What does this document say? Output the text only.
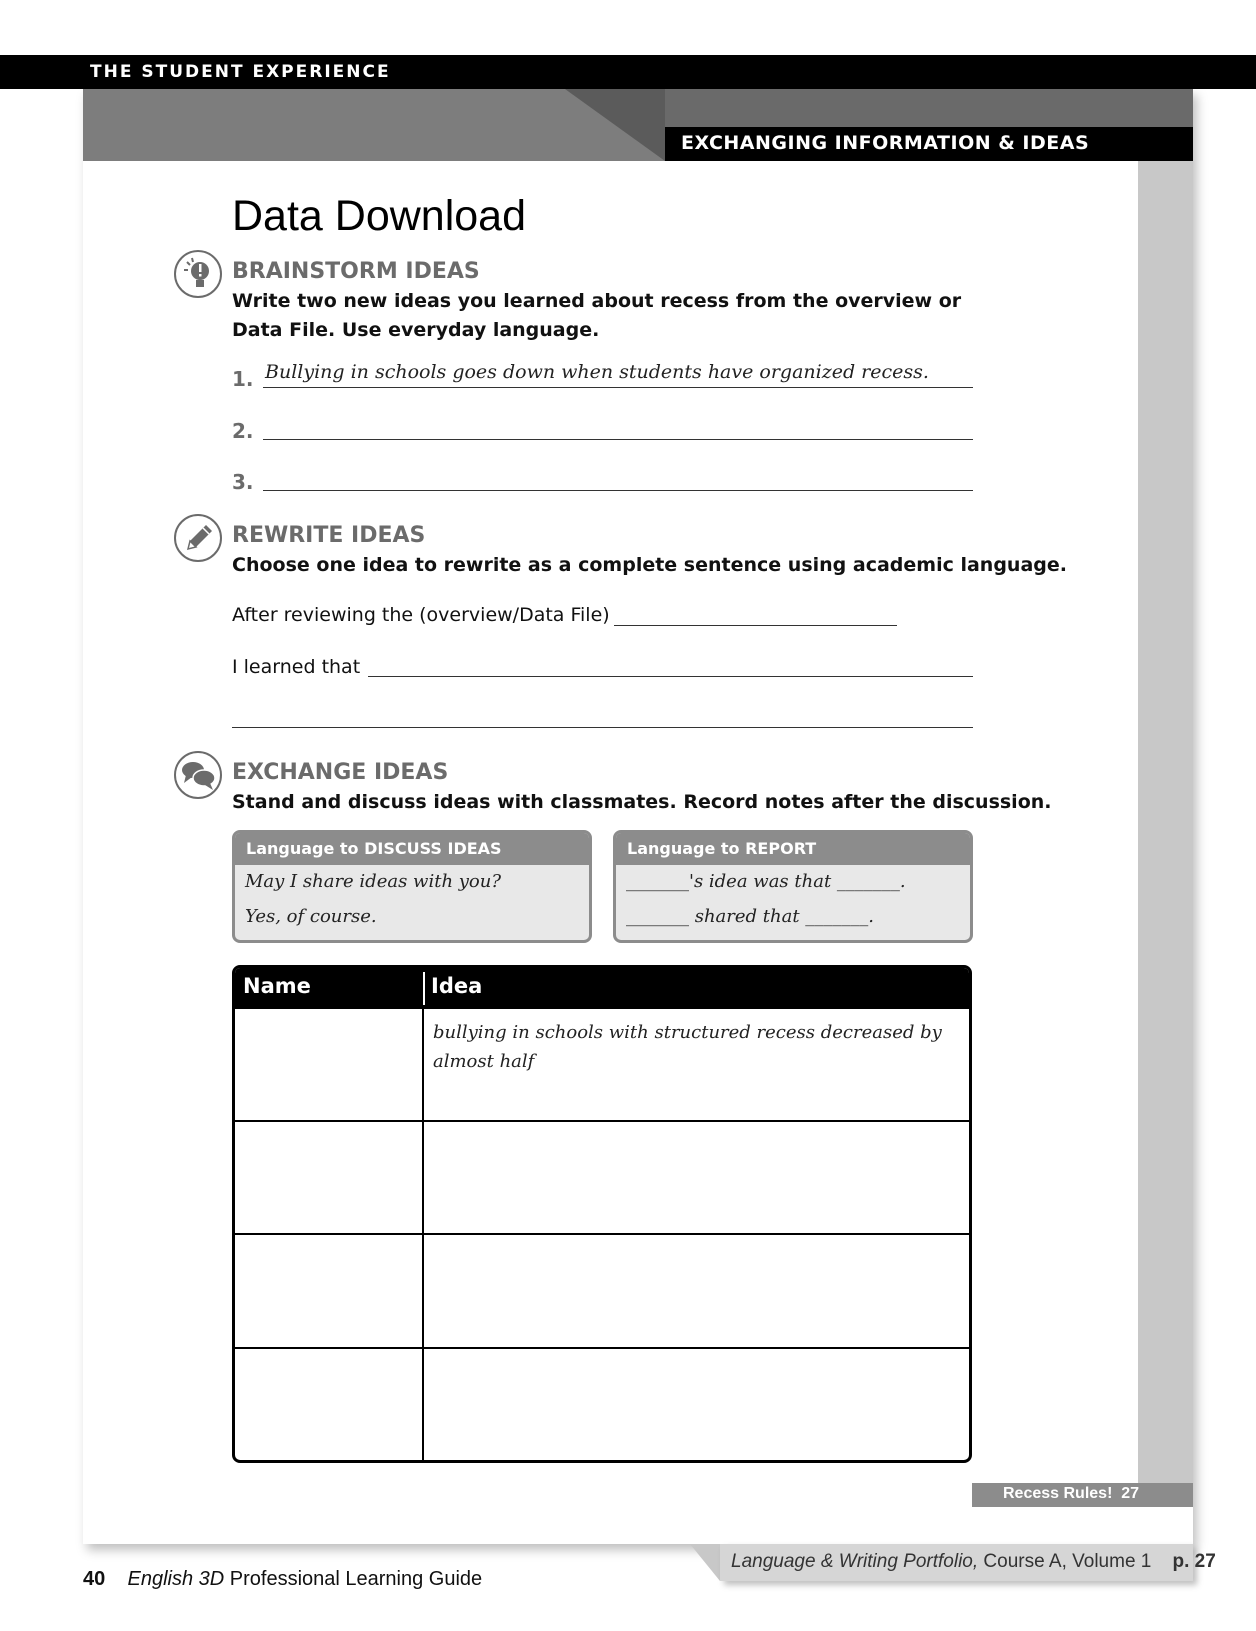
THE STUDENT EXPERIENCE
EXCHANGING INFORMATION & IDEAS
Data Download
BRAINSTORM IDEAS
Write two new ideas you learned about recess from the overview or
Data File. Use everyday language.
1. Bullying in schools goes down when students have organized recess.
2.
3.
REWRITE IDEAS
Choose one idea to rewrite as a complete sentence using academic language.
After reviewing the (overview/Data File)
I learned that
EXCHANGE IDEAS
Stand and discuss ideas with classmates. Record notes after the discussion.
Language to DISCUSS IDEAS
May I share ideas with you?
Yes, of course.
Language to REPORT
_______'s idea was that _______.
_______ shared that _______.
Name	Idea
bullying in schools with structured recess decreased by almost half
Recess Rules! 27
Language & Writing Portfolio, Course A, Volume 1 p. 27
40 English 3D Professional Learning Guide
